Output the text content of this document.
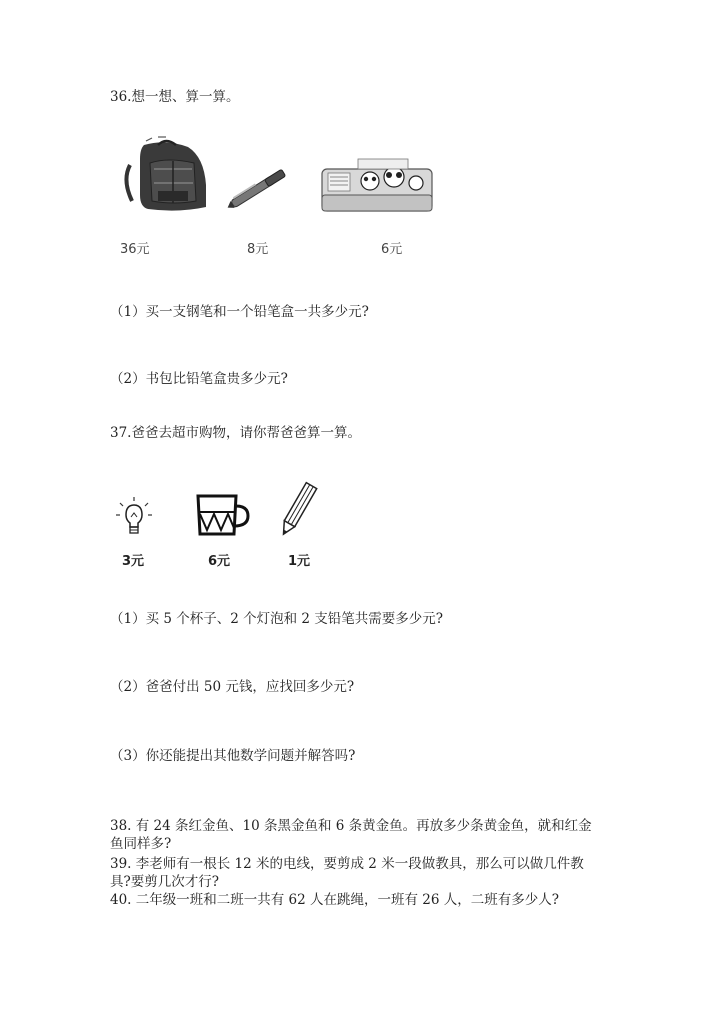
36.想一想、算一算。
36元	8元	6元
（1）买一支钢笔和一个铅笔盒一共多少元?
（2）书包比铅笔盒贵多少元?
37.爸爸去超市购物，请你帮爸爸算一算。
3元	6元	1元
（1）买 5 个杯子、2 个灯泡和 2 支铅笔共需要多少元?
（2）爸爸付出 50 元钱，应找回多少元?
（3）你还能提出其他数学问题并解答吗?
38. 有 24 条红金鱼、10 条黑金鱼和 6 条黄金鱼。再放多少条黄金鱼，就和红金
鱼同样多?
39. 李老师有一根长 12 米的电线，要剪成 2 米一段做教具，那么可以做几件教
具?要剪几次才行?
40. 二年级一班和二班一共有 62 人在跳绳，一班有 26 人，二班有多少人?
